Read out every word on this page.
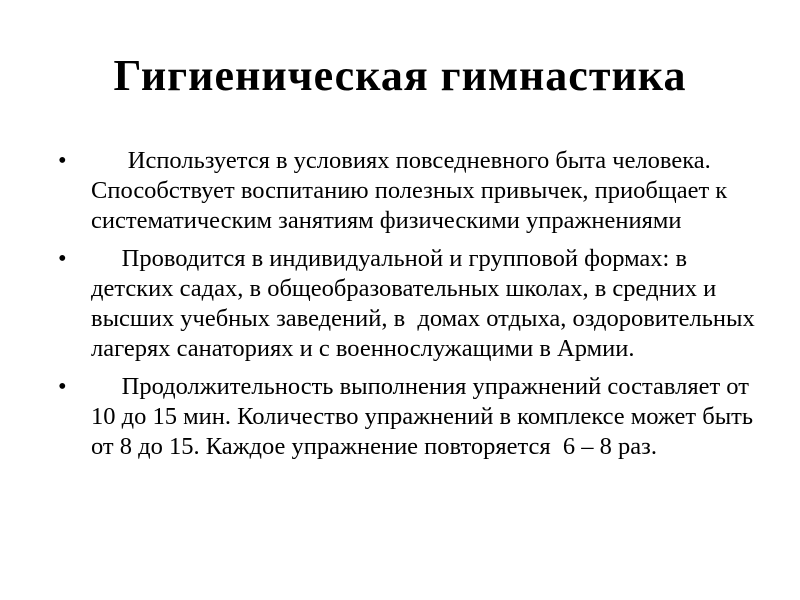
Гигиеническая гимнастика
• Используется в условиях повседневного быта человека. Способствует воспитанию полезных привычек, приобщает к систематическим занятиям физическими упражнениями
• Проводится в индивидуальной и групповой формах: в детских садах, в общеобразовательных школах, в средних и высших учебных заведений, в  домах отдыха, оздоровительных лагерях санаториях и с военнослужащими в Армии.
• Продолжительность выполнения упражнений составляет от 10 до 15 мин. Количество упражнений в комплексе может быть от 8 до 15. Каждое упражнение повторяется  6 – 8 раз.
